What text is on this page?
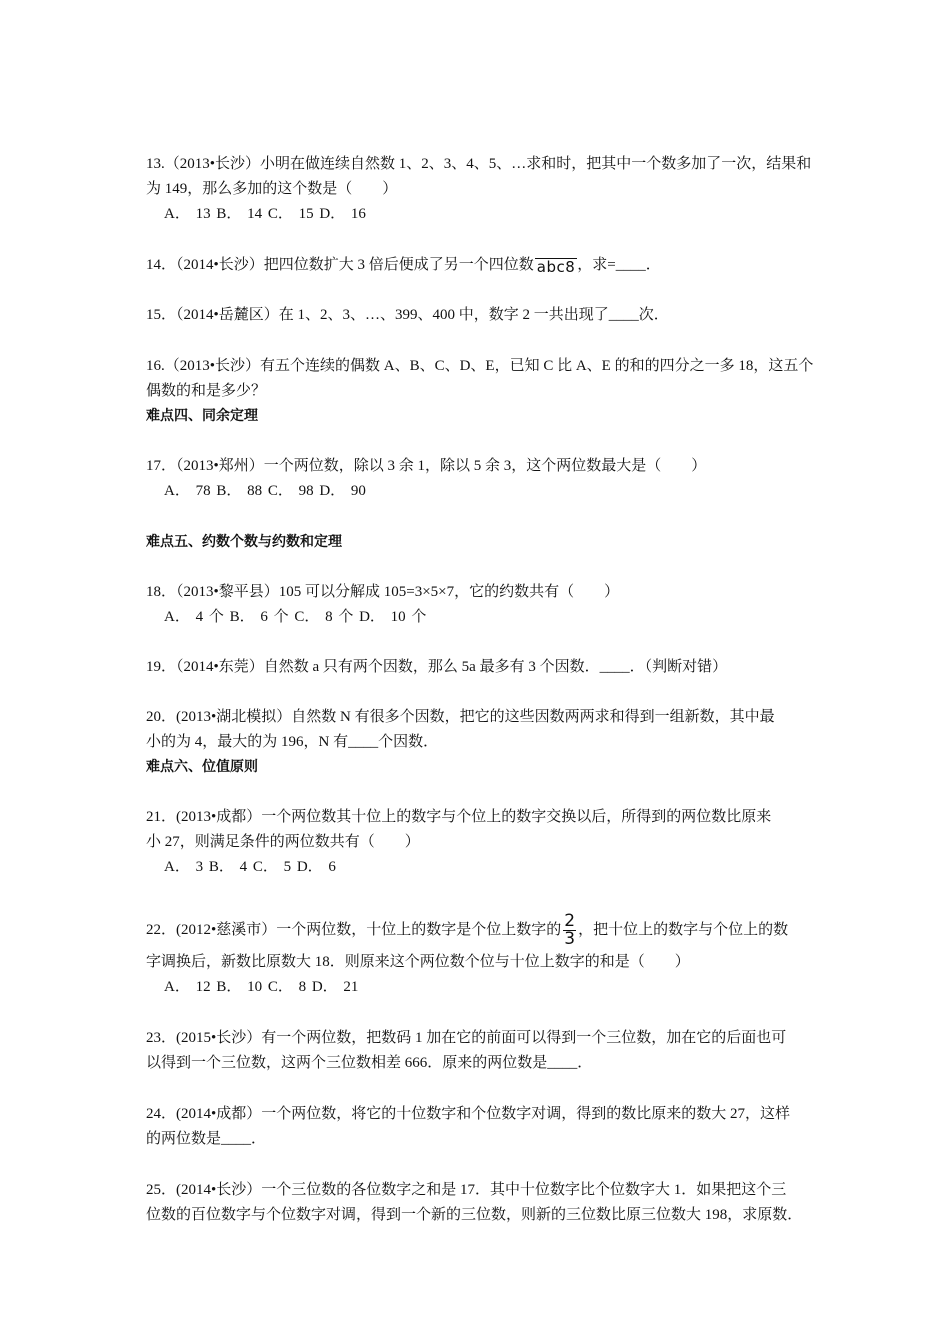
13.（2013•长沙）小明在做连续自然数 1、2、3、4、5、…求和时，把其中一个数多加了一次，结果和
为 149，那么多加的这个数是（　　）
A． 13 B． 14 C． 15 D． 16
14．（2014•长沙）把四位数扩大 3 倍后便成了另一个四位数 abc8 ，求=____．
15．（2014•岳麓区）在 1、2、3、…、399、400 中，数字 2 一共出现了____次．
16.（2013•长沙）有五个连续的偶数 A、B、C、D、E，已知 C 比 A、E 的和的四分之一多 18，这五个
偶数的和是多少？
难点四、同余定理
17．（2013•郑州）一个两位数，除以 3 余 1，除以 5 余 3，这个两位数最大是（　　）
A． 78 B． 88 C． 98 D． 90
难点五、约数个数与约数和定理
18．（2013•黎平县）105 可以分解成 105=3×5×7，它的约数共有（　　）
A． 4 个 B． 6 个 C． 8 个 D． 10 个
19．（2014•东莞）自然数 a 只有两个因数，那么 5a 最多有 3 个因数．____．（判断对错）
20．(2013•湖北模拟）自然数 N 有很多个因数，把它的这些因数两两求和得到一组新数，其中最
小的为 4，最大的为 196，N 有____个因数．
难点六、位值原则
21．(2013•成都）一个两位数其十位上的数字与个位上的数字交换以后，所得到的两位数比原来
小 27，则满足条件的两位数共有（　　）
A． 3 B． 4 C． 5 D． 6
22．(2012•慈溪市）一个两位数，十位上的数字是个位上数字的 $\frac{2}{3}$ ，把十位上的数字与个位上的数
字调换后，新数比原数大 18．则原来这个两位数个位与十位上数字的和是（　　）
A． 12 B． 10 C． 8 D． 21
23．(2015•长沙）有一个两位数，把数码 1 加在它的前面可以得到一个三位数，加在它的后面也可
以得到一个三位数，这两个三位数相差 666．原来的两位数是____．
24．(2014•成都）一个两位数，将它的十位数字和个位数字对调，得到的数比原来的数大 27，这样
的两位数是____．
25．(2014•长沙）一个三位数的各位数字之和是 17．其中十位数字比个位数字大 1．如果把这个三
位数的百位数字与个位数字对调，得到一个新的三位数，则新的三位数比原三位数大 198，求原数．
